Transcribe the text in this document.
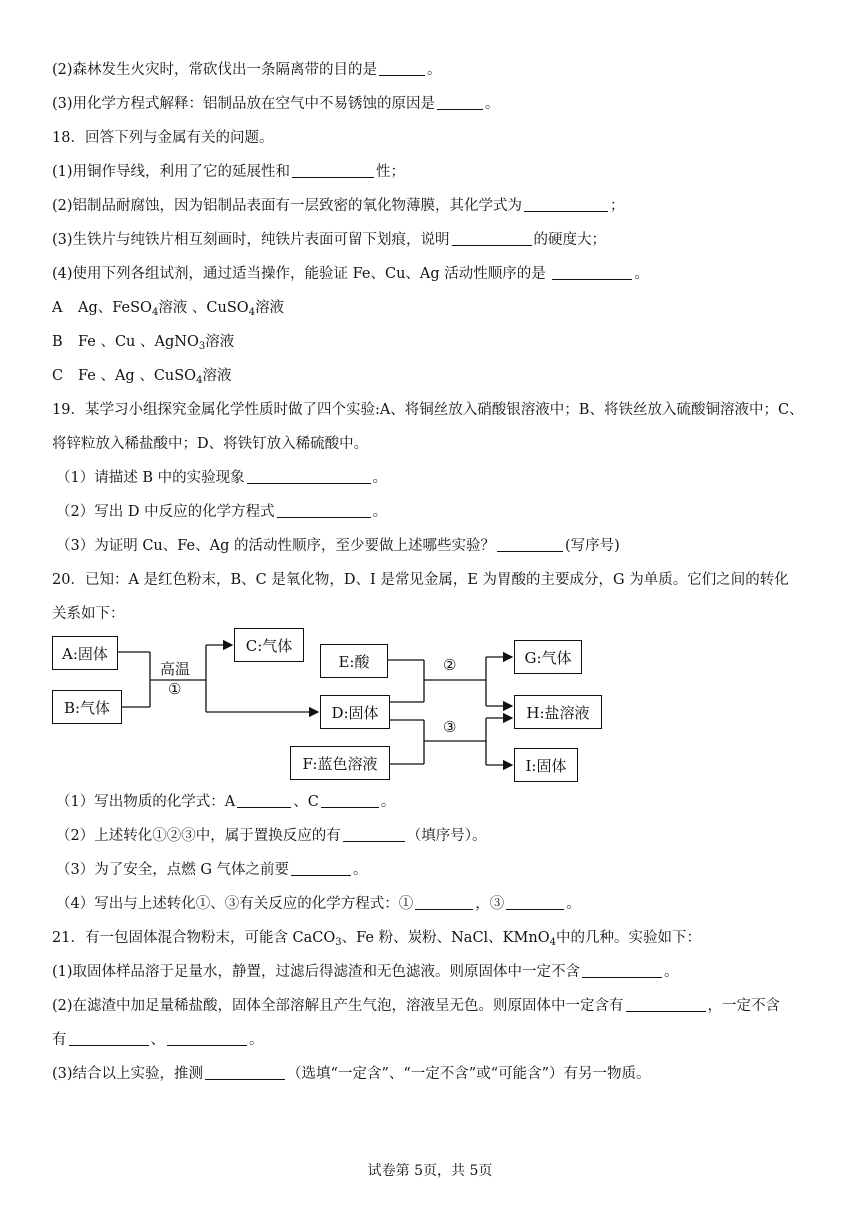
(2)森林发生火灾时，常砍伐出一条隔离带的目的是	。
(3)用化学方程式解释：铝制品放在空气中不易锈蚀的原因是	。
18．回答下列与金属有关的问题。
(1)用铜作导线，利用了它的延展性和	性；
(2)铝制品耐腐蚀，因为铝制品表面有一层致密的氧化物薄膜，其化学式为	；
(3)生铁片与纯铁片相互刻画时，纯铁片表面可留下划痕，说明	的硬度大；
(4)使用下列各组试剂，通过适当操作，能验证 Fe、Cu、Ag 活动性顺序的是	。
A Ag、FeSO$_4$溶液 、CuSO$_4$溶液
B Fe 、Cu 、AgNO$_3$溶液
C Fe 、Ag 、CuSO$_4$溶液
19．某学习小组探究金属化学性质时做了四个实验:A、将铜丝放入硝酸银溶液中；B、将铁丝放入硫酸铜溶液中；C、
将锌粒放入稀盐酸中；D、将铁钉放入稀硫酸中。
（1）请描述 B 中的实验现象	。
（2）写出 D 中反应的化学方程式	。
（3）为证明 Cu、Fe、Ag 的活动性顺序，至少要做上述哪些实验？	(写序号)
20．已知：A 是红色粉末，B、C 是氧化物，D、I 是常见金属，E 为胃酸的主要成分，G 为单质。它们之间的转化
关系如下：
A:固体
B:气体
C:气体
E:酸
D:固体
F:蓝色溶液
G:气体
H:盐溶液
I:固体
高温
①
②
③
（1）写出物质的化学式：A	、C	。
（2）上述转化①②③中，属于置换反应的有	（填序号）。
（3）为了安全，点燃 G 气体之前要	。
（4）写出与上述转化①、③有关反应的化学方程式：①	，③	。
21．有一包固体混合物粉末，可能含 CaCO$_3$、Fe 粉、炭粉、NaCl、KMnO$_4$中的几种。实验如下：
(1)取固体样品溶于足量水，静置，过滤后得滤渣和无色滤液。则原固体中一定不含	。
(2)在滤渣中加足量稀盐酸，固体全部溶解且产生气泡，溶液呈无色。则原固体中一定含有	，一定不含
有	、	。
(3)结合以上实验，推测	（选填“一定含”、“一定不含”或“可能含”）有另一物质。
试卷第 5页，共 5页
